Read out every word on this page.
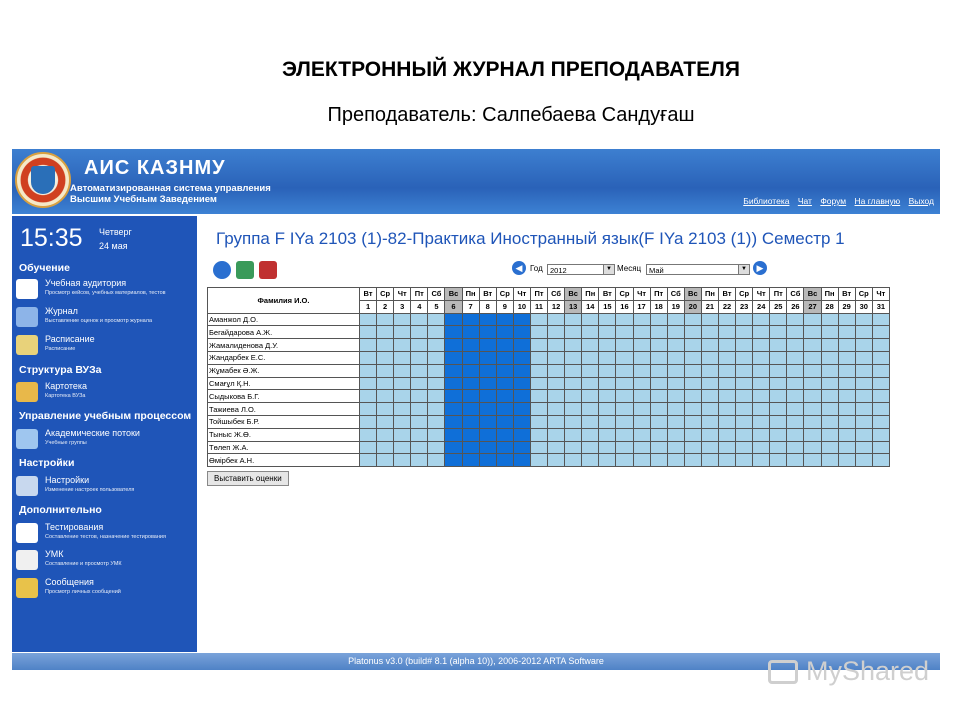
ЭЛЕКТРОННЫЙ ЖУРНАЛ ПРЕПОДАВАТЕЛЯ
Преподаватель: Салпебаева Сандуғаш
АИС КАЗНМУ
Автоматизированная система управления
Высшим Учебным Заведением	Библиотека Чат Форум На главную Выход
15:35 Четверг
24 мая
Обучение
Учебная аудитория
Просмотр кейсов, учебных материалов, тестов
Журнал
Выставление оценок и просмотр журнала
Расписание
Расписание
Структура ВУЗа
Картотека
Картотека ВУЗа
Управление учебным процессом
Академические потоки
Учебные группы
Настройки
Настройки
Изменение настроек пользователя
Дополнительно
Тестирования
Составление тестов, назначение тестирования
УМК
Составление и просмотр УМК
Сообщения
Просмотр личных сообщений
Группа F IYa 2103 (1)-82-Практика Иностранный язык(F IYa 2103 (1)) Семестр 1
◀ Год 2012	▼ Месяц	Май	▼	▶
Фамилия И.О.	Вт	Ср	Чт	Пт	Сб	Вс	Пн	Вт	Ср	Чт	Пт	Сб	Вс	Пн	Вт	Ср	Чт	Пт	Сб	Вс	Пн	Вт	Ср	Чт	Пт	Сб	Вс	Пн	Вт	Ср	Чт
	1	2	3	4	5	6	7	8	9	10	11	12	13	14	15	16	17	18	19	20	21	22	23	24	25	26	27	28	29	30	31
Аманжол Д.О.																															
Бегайдарова А.Ж.																															
Жамалиденова Д.У.																															
Жандарбек Е.С.																															
Жұмабек Ә.Ж.																															
Смағұл Қ.Н.																															
Сыдыкова Б.Г.																															
Тажиева Л.О.																															
Тойшыбек Б.Р.																															
Тыныс Ж.Ө.																															
Төлеп Ж.А.																															
Өмірбек А.Н.																															
Выставить оценки
Platonus v3.0 (build# 8.1 (alpha 10)), 2006-2012 ARTA Software	MyShared
